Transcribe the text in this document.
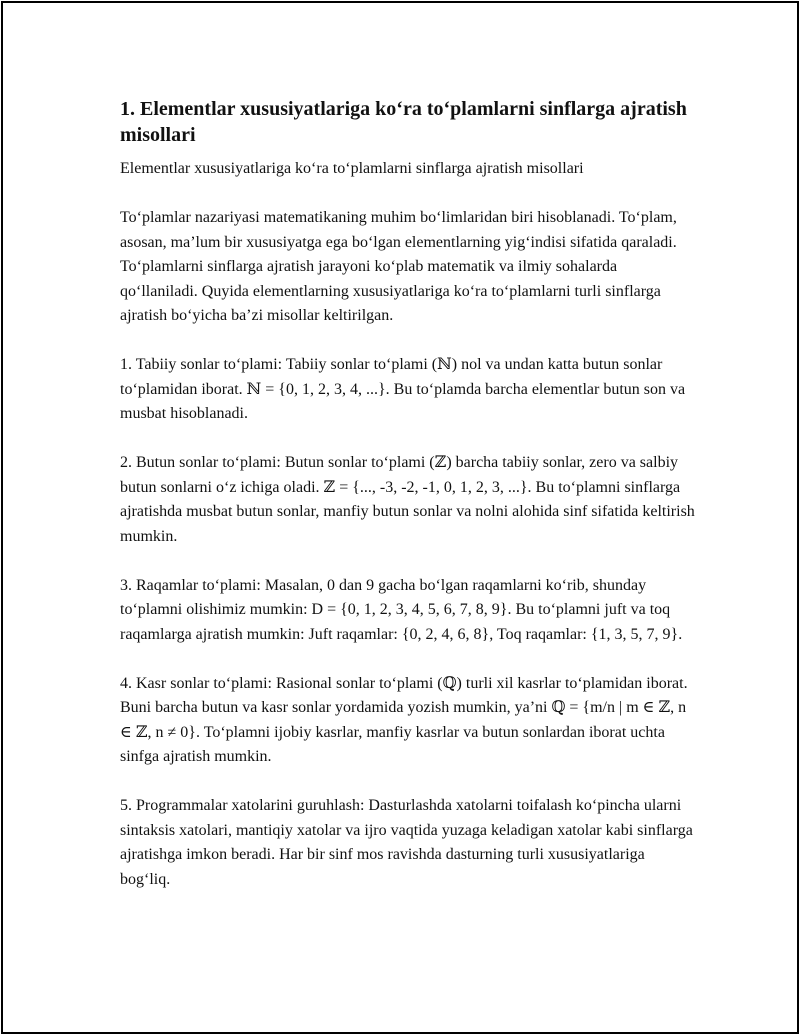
1. Elementlar xususiyatlariga ko‘ra to‘plamlarni sinflarga ajratish misollari

Elementlar xususiyatlariga ko‘ra to‘plamlarni sinflarga ajratish misollari

To‘plamlar nazariyasi matematikaning muhim bo‘limlaridan biri hisoblanadi. To‘plam, asosan, ma’lum bir xususiyatga ega bo‘lgan elementlarning yig‘indisi sifatida qaraladi. To‘plamlarni sinflarga ajratish jarayoni ko‘plab matematik va ilmiy sohalarda qo‘llaniladi. Quyida elementlarning xususiyatlariga ko‘ra to‘plamlarni turli sinflarga ajratish bo‘yicha ba’zi misollar keltirilgan.

1. Tabiiy sonlar to‘plami: Tabiiy sonlar to‘plami (ℕ) nol va undan katta butun sonlar to‘plamidan iborat. ℕ = {0, 1, 2, 3, 4, ...}. Bu to‘plamda barcha elementlar butun son va musbat hisoblanadi.

2. Butun sonlar to‘plami: Butun sonlar to‘plami (ℤ) barcha tabiiy sonlar, zero va salbiy butun sonlarni o‘z ichiga oladi. ℤ = {..., -3, -2, -1, 0, 1, 2, 3, ...}. Bu to‘plamni sinflarga ajratishda musbat butun sonlar, manfiy butun sonlar va nolni alohida sinf sifatida keltirish mumkin.

3. Raqamlar to‘plami: Masalan, 0 dan 9 gacha bo‘lgan raqamlarni ko‘rib, shunday to‘plamni olishimiz mumkin: D = {0, 1, 2, 3, 4, 5, 6, 7, 8, 9}. Bu to‘plamni juft va toq raqamlarga ajratish mumkin: Juft raqamlar: {0, 2, 4, 6, 8}, Toq raqamlar: {1, 3, 5, 7, 9}.

4. Kasr sonlar to‘plami: Rasional sonlar to‘plami (ℚ) turli xil kasrlar to‘plamidan iborat. Buni barcha butun va kasr sonlar yordamida yozish mumkin, ya’ni ℚ = {m/n | m ∈ ℤ, n ∈ ℤ, n ≠ 0}. To‘plamni ijobiy kasrlar, manfiy kasrlar va butun sonlardan iborat uchta sinfga ajratish mumkin.

5. Programmalar xatolarini guruhlash: Dasturlashda xatolarni toifalash ko‘pincha ularni sintaksis xatolari, mantiqiy xatolar va ijro vaqtida yuzaga keladigan xatolar kabi sinflarga ajratishga imkon beradi. Har bir sinf mos ravishda dasturning turli xususiyatlariga bog‘liq.
